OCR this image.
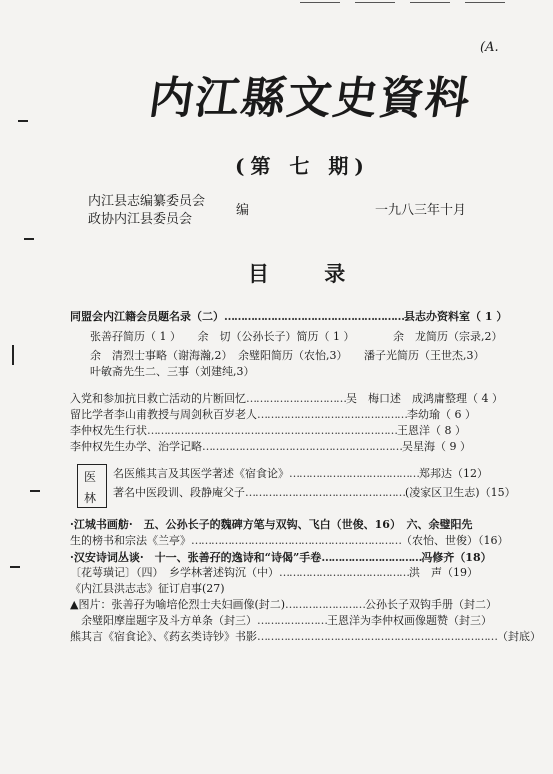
(A.
内江縣文史資料
(第 七 期)
内江县志编纂委员会
政协内江县委员会
编	一九八三年十月
目 录
医
林
同盟会内江籍会员题名录（二）………………………………………………县志办资料室（ 1 ）
张善孖简历（ 1 ）　　余　切（公孙长子）简历（ 1 ）　　　　余　龙简历（宗录,2）
余　清烈士事略（谢海瀚,2）　余璧阳简历（农怡,3）　　潘子光简历（王世杰,3）
叶敏斋先生二、三事（刘建纯,3）
入党和参加抗日救亡活动的片断回忆…………………………吴　梅口述　成鸿庸整理（ 4 ）
留比学者李山甫教授与周剑秋百岁老人………………………………………李幼瑜（ 6 ）
李仲权先生行状…………………………………………………………………王恩洋（ 8 ）
李仲权先生办学、治学记略……………………………………………………吴星海（ 9 ）
名医熊其言及其医学著述《宿食论》…………………………………郑邦达（12）
著名中医段训、段静庵父子…………………………………………(凌家区卫生志)（15）
·江城书画舫·　五、公孙长子的魏碑方笔与双钩、飞白（世俊、16）　六、余璧阳先
生的榜书和宗法《兰亭》………………………………………………………（农怡、世俊）（16）
·汉安诗词丛谈·　十一、张善孖的逸诗和“诗偈”手卷…………………………冯修齐（18）
〔花萼璜记〕（四）　乡学林著述钩沉（中）…………………………………洪　声（19）
《内江县洪志志》征订启事(27)
▲图片：张善孖为喻培伦烈士夫妇画像(封二)……………………公孙长子双钩手册（封二）
　余璧阳摩崖题字及斗方单条（封三）…………………王恩洋为李仲权画像题赞（封三）
熊其言《宿食论》、《药玄类诗钞》书影………………………………………………………………（封底）
